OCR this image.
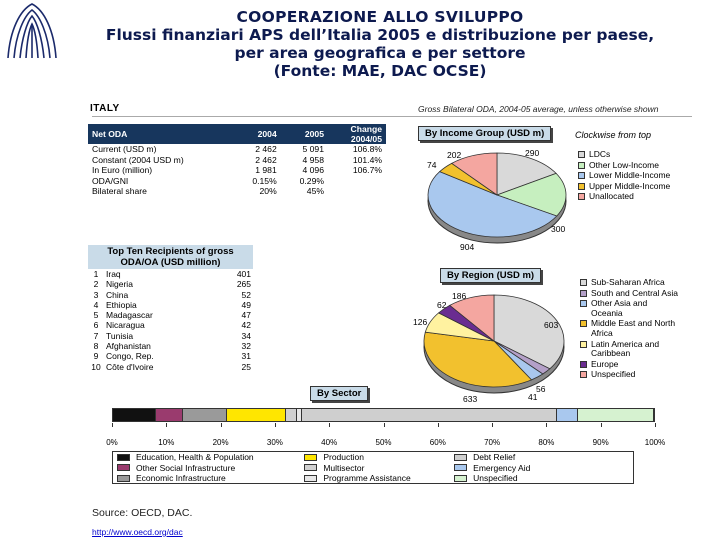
COOPERAZIONE ALLO SVILUPPO
Flussi finanziari APS dell’Italia 2005 e distribuzione per paese,
per area geografica e per settore
(Fonte: MAE, DAC OCSE)
ITALY	Gross Bilateral ODA, 2004-05 average, unless otherwise shown
Net ODA	2004	2005	Change 2004/05
Current (USD m)	2 462	5 091	106.8%
Constant (2004 USD m)	2 462	4 958	101.4%
In Euro (million)	1 981	4 096	106.7%
ODA/GNI	0.15%	0.29%	
Bilateral share	20%	45%	
Top Ten Recipients of gross ODA/OA (USD million)
1	Iraq	401
2	Nigeria	265
3	China	52
4	Ethiopia	49
5	Madagascar	47
6	Nicaragua	42
7	Tunisia	34
8	Afghanistan	32
9	Congo, Rep.	31
10	Côte d'Ivoire	25
By Income Group (USD m)	Clockwise from top
202	290
74
300
904
LDCs
Other Low-Income
Lower Middle-Income
Upper Middle-Income
Unallocated
By Region (USD m)
186
62
126	603
56
41
633
Sub-Saharan Africa
South and Central Asia
Other Asia and Oceania
Middle East and North Africa
Latin America and Caribbean
Europe
Unspecified
By Sector
0%	10%	20%	30%	40%	50%	60%	70%	80%	90%	100%
Education, Health & Population
Other Social Infrastructure
Economic Infrastructure
Production
Multisector
Programme Assistance
Debt Relief
Emergency Aid
Unspecified
Source: OECD, DAC.
http://www.oecd.org/dac
